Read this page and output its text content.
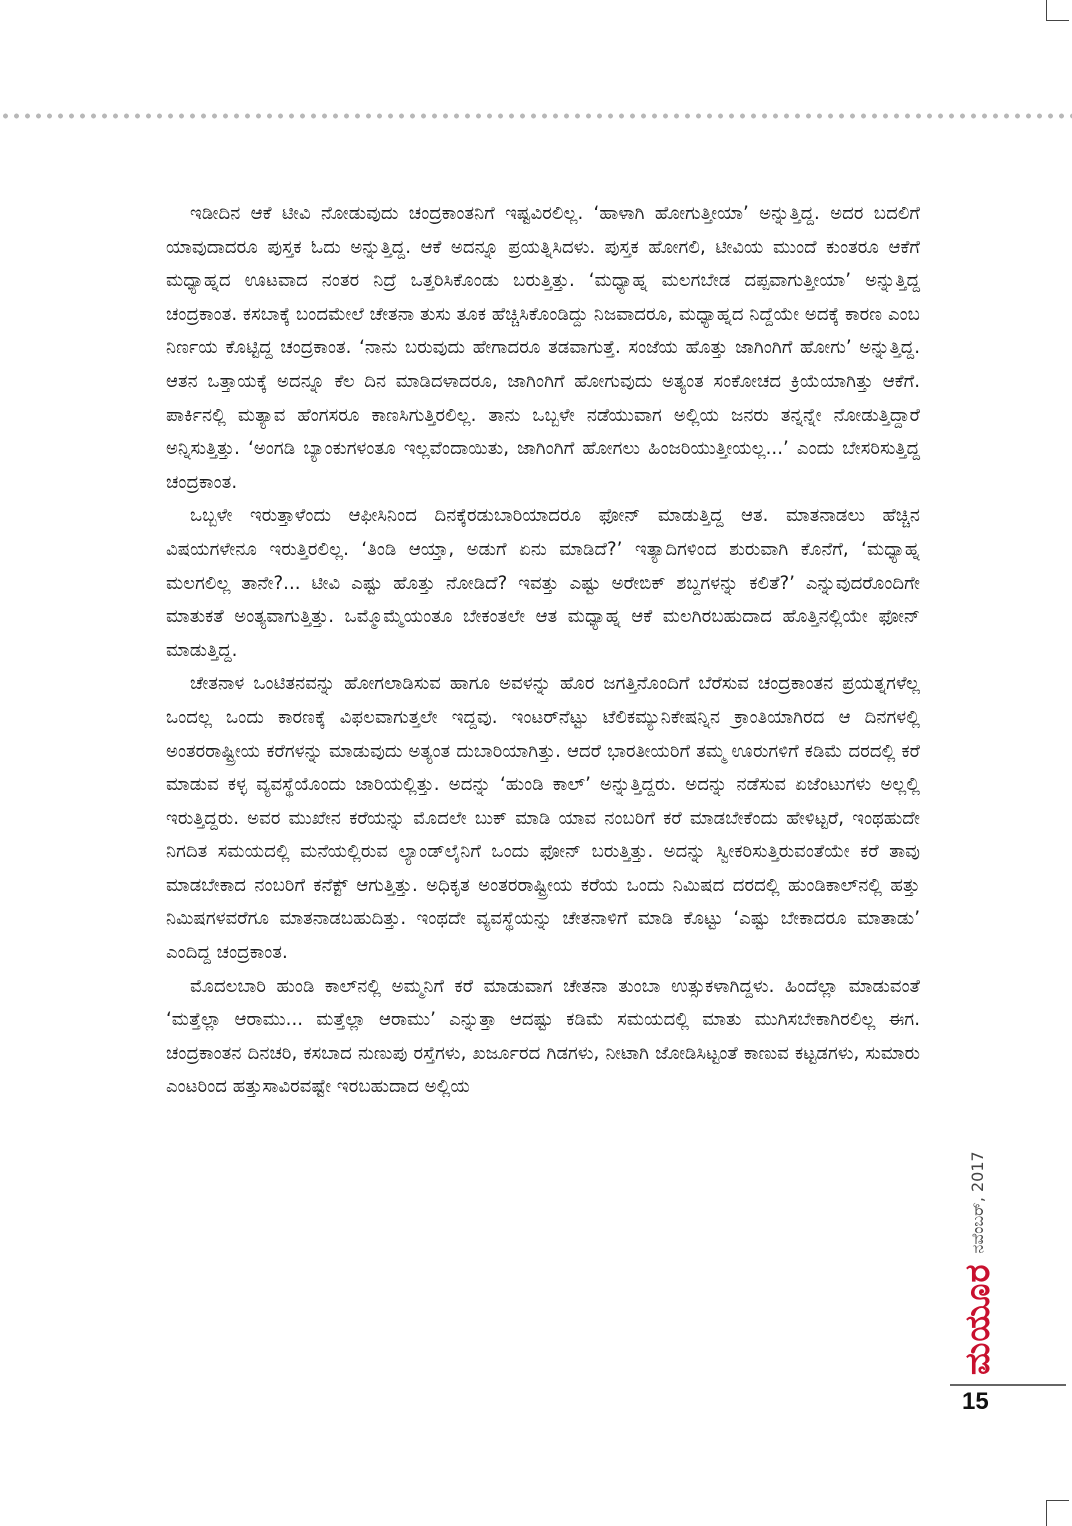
ಇಡೀದಿನ ಆಕೆ ಟೀವಿ ನೋಡುವುದು ಚಂದ್ರಕಾಂತನಿಗೆ ಇಷ್ಟವಿರಲಿಲ್ಲ. ‘ಹಾಳಾಗಿ ಹೋಗುತ್ತೀಯಾ’ ಅನ್ನುತ್ತಿದ್ದ. ಅದರ ಬದಲಿಗೆ ಯಾವುದಾದರೂ ಪುಸ್ತಕ ಓದು ಅನ್ನುತ್ತಿದ್ದ. ಆಕೆ ಅದನ್ನೂ ಪ್ರಯತ್ನಿಸಿದಳು. ಪುಸ್ತಕ ಹೋಗಲಿ, ಟೀವಿಯ ಮುಂದೆ ಕುಂತರೂ ಆಕೆಗೆ ಮಧ್ಯಾಹ್ನದ ಊಟವಾದ ನಂತರ ನಿದ್ರೆ ಒತ್ತರಿಸಿಕೊಂಡು ಬರುತ್ತಿತ್ತು. ‘ಮಧ್ಯಾಹ್ನ ಮಲಗಬೇಡ ದಪ್ಪವಾಗುತ್ತೀಯಾ’ ಅನ್ನುತ್ತಿದ್ದ ಚಂದ್ರಕಾಂತ. ಕಸಬಾಕ್ಕೆ ಬಂದಮೇಲೆ ಚೇತನಾ ತುಸು ತೂಕ ಹೆಚ್ಚಿಸಿಕೊಂಡಿದ್ದು ನಿಜವಾದರೂ, ಮಧ್ಯಾಹ್ನದ ನಿದ್ದೆಯೇ ಅದಕ್ಕೆ ಕಾರಣ ಎಂಬ ನಿರ್ಣಯ ಕೊಟ್ಟಿದ್ದ ಚಂದ್ರಕಾಂತ. ‘ನಾನು ಬರುವುದು ಹೇಗಾದರೂ ತಡವಾಗುತ್ತೆ. ಸಂಜೆಯ ಹೊತ್ತು ಜಾಗಿಂಗಿಗೆ ಹೋಗು’ ಅನ್ನುತ್ತಿದ್ದ. ಆತನ ಒತ್ತಾಯಕ್ಕೆ ಅದನ್ನೂ ಕೆಲ ದಿನ ಮಾಡಿದಳಾದರೂ, ಜಾಗಿಂಗಿಗೆ ಹೋಗುವುದು ಅತ್ಯಂತ ಸಂಕೋಚದ ಕ್ರಿಯೆಯಾಗಿತ್ತು ಆಕೆಗೆ. ಪಾರ್ಕಿನಲ್ಲಿ ಮತ್ಯಾವ ಹೆಂಗಸರೂ ಕಾಣಸಿಗುತ್ತಿರಲಿಲ್ಲ. ತಾನು ಒಬ್ಬಳೇ ನಡೆಯುವಾಗ ಅಲ್ಲಿಯ ಜನರು ತನ್ನನ್ನೇ ನೋಡುತ್ತಿದ್ದಾರೆ ಅನ್ನಿಸುತ್ತಿತ್ತು. ‘ಅಂಗಡಿ ಬ್ಯಾಂಕುಗಳಂತೂ ಇಲ್ಲವೆಂದಾಯಿತು, ಜಾಗಿಂಗಿಗೆ ಹೋಗಲು ಹಿಂಜರಿಯುತ್ತೀಯಲ್ಲ...’ ಎಂದು ಬೇಸರಿಸುತ್ತಿದ್ದ ಚಂದ್ರಕಾಂತ.

ಒಬ್ಬಳೇ ಇರುತ್ತಾಳೆಂದು ಆಫೀಸಿನಿಂದ ದಿನಕ್ಕೆರಡುಬಾರಿಯಾದರೂ ಫೋನ್ ಮಾಡುತ್ತಿದ್ದ ಆತ. ಮಾತನಾಡಲು ಹೆಚ್ಚಿನ ವಿಷಯಗಳೇನೂ ಇರುತ್ತಿರಲಿಲ್ಲ. ‘ತಿಂಡಿ ಆಯ್ತಾ, ಅಡುಗೆ ಏನು ಮಾಡಿದೆ?’ ಇತ್ಯಾದಿಗಳಿಂದ ಶುರುವಾಗಿ ಕೊನೆಗೆ, ‘ಮಧ್ಯಾಹ್ನ ಮಲಗಲಿಲ್ಲ ತಾನೇ?... ಟೀವಿ ಎಷ್ಟು ಹೊತ್ತು ನೋಡಿದೆ? ಇವತ್ತು ಎಷ್ಟು ಅರೇಬಿಕ್ ಶಬ್ದಗಳನ್ನು ಕಲಿತೆ?’ ಎನ್ನುವುದರೊಂದಿಗೇ ಮಾತುಕತೆ ಅಂತ್ಯವಾಗುತ್ತಿತ್ತು. ಒಮ್ಮೊಮ್ಮೆಯಂತೂ ಬೇಕಂತಲೇ ಆತ ಮಧ್ಯಾಹ್ನ ಆಕೆ ಮಲಗಿರಬಹುದಾದ ಹೊತ್ತಿನಲ್ಲಿಯೇ ಫೋನ್ ಮಾಡುತ್ತಿದ್ದ.

ಚೇತನಾಳ ಒಂಟಿತನವನ್ನು ಹೋಗಲಾಡಿಸುವ ಹಾಗೂ ಅವಳನ್ನು ಹೊರ ಜಗತ್ತಿನೊಂದಿಗೆ ಬೆರೆಸುವ ಚಂದ್ರಕಾಂತನ ಪ್ರಯತ್ನಗಳೆಲ್ಲ ಒಂದಲ್ಲ ಒಂದು ಕಾರಣಕ್ಕೆ ವಿಫಲವಾಗುತ್ತಲೇ ಇದ್ದವು. ಇಂಟರ್‌ನೆಟ್ಟು ಟೆಲಿಕಮ್ಯುನಿಕೇಷನ್ನಿನ ಕ್ರಾಂತಿಯಾಗಿರದ ಆ ದಿನಗಳಲ್ಲಿ ಅಂತರರಾಷ್ಟ್ರೀಯ ಕರೆಗಳನ್ನು ಮಾಡುವುದು ಅತ್ಯಂತ ದುಬಾರಿಯಾಗಿತ್ತು. ಆದರೆ ಭಾರತೀಯರಿಗೆ ತಮ್ಮ ಊರುಗಳಿಗೆ ಕಡಿಮೆ ದರದಲ್ಲಿ ಕರೆ ಮಾಡುವ ಕಳ್ಳ ವ್ಯವಸ್ಥೆಯೊಂದು ಜಾರಿಯಲ್ಲಿತ್ತು. ಅದನ್ನು ‘ಹುಂಡಿ ಕಾಲ್’ ಅನ್ನುತ್ತಿದ್ದರು. ಅದನ್ನು ನಡೆಸುವ ಏಜೆಂಟುಗಳು ಅಲ್ಲಲ್ಲಿ ಇರುತ್ತಿದ್ದರು. ಅವರ ಮುಖೇನ ಕರೆಯನ್ನು ಮೊದಲೇ ಬುಕ್ ಮಾಡಿ ಯಾವ ನಂಬರಿಗೆ ಕರೆ ಮಾಡಬೇಕೆಂದು ಹೇಳಿಟ್ಟರೆ, ಇಂಥಹುದೇ ನಿಗದಿತ ಸಮಯದಲ್ಲಿ ಮನೆಯಲ್ಲಿರುವ ಲ್ಯಾಂಡ್‌ಲೈನಿಗೆ ಒಂದು ಫೋನ್ ಬರುತ್ತಿತ್ತು. ಅದನ್ನು ಸ್ವೀಕರಿಸುತ್ತಿರುವಂತೆಯೇ ಕರೆ ತಾವು ಮಾಡಬೇಕಾದ ನಂಬರಿಗೆ ಕನೆಕ್ಟ್ ಆಗುತ್ತಿತ್ತು. ಅಧಿಕೃತ ಅಂತರರಾಷ್ಟ್ರೀಯ ಕರೆಯ ಒಂದು ನಿಮಿಷದ ದರದಲ್ಲಿ ಹುಂಡಿಕಾಲ್‌ನಲ್ಲಿ ಹತ್ತು ನಿಮಿಷಗಳವರೆಗೂ ಮಾತನಾಡಬಹುದಿತ್ತು. ಇಂಥದೇ ವ್ಯವಸ್ಥೆಯನ್ನು ಚೇತನಾಳಿಗೆ ಮಾಡಿ ಕೊಟ್ಟು ‘ಎಷ್ಟು ಬೇಕಾದರೂ ಮಾತಾಡು’ ಎಂದಿದ್ದ ಚಂದ್ರಕಾಂತ.

ಮೊದಲಬಾರಿ ಹುಂಡಿ ಕಾಲ್‌ನಲ್ಲಿ ಅಮ್ಮನಿಗೆ ಕರೆ ಮಾಡುವಾಗ ಚೇತನಾ ತುಂಬಾ ಉತ್ಸುಕಳಾಗಿದ್ದಳು. ಹಿಂದೆಲ್ಲಾ ಮಾಡುವಂತೆ ‘ಮತ್ತೆಲ್ಲಾ ಆರಾಮು... ಮತ್ತೆಲ್ಲಾ ಆರಾಮು’ ಎನ್ನುತ್ತಾ ಆದಷ್ಟು ಕಡಿಮೆ ಸಮಯದಲ್ಲಿ ಮಾತು ಮುಗಿಸಬೇಕಾಗಿರಲಿಲ್ಲ ಈಗ. ಚಂದ್ರಕಾಂತನ ದಿನಚರಿ, ಕಸಬಾದ ನುಣುಪು ರಸ್ತೆಗಳು, ಖರ್ಜೂರದ ಗಿಡಗಳು, ನೀಟಾಗಿ ಜೋಡಿಸಿಟ್ಟಂತೆ ಕಾಣುವ ಕಟ್ಟಡಗಳು, ಸುಮಾರು ಎಂಟರಿಂದ ಹತ್ತುಸಾವಿರವಷ್ಟೇ ಇರಬಹುದಾದ ಅಲ್ಲಿಯ

ಮಯೂರ
ನವೆಂಬರ್, 2017
15
